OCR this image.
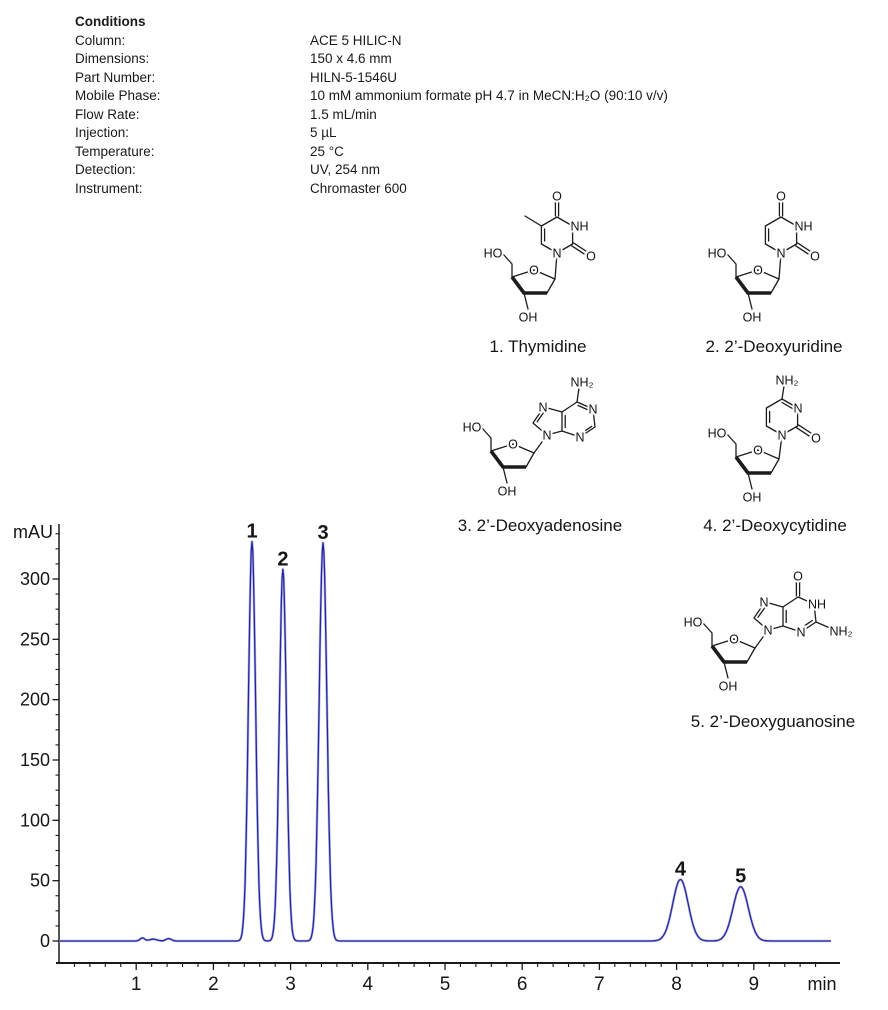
Conditions
Column:	ACE 5 HILIC-N
Dimensions:	150 x 4.6 mm
Part Number:	HILN-5-1546U
Mobile Phase:	10 mM ammonium formate pH 4.7 in MeCN:H₂O (90:10 v/v)
Flow Rate:	1.5 mL/min
Injection:	5 µL
Temperature:	25 °C
Detection:	UV, 254 nm
Instrument:	Chromaster 600
HO
O
OH
N
NH
O
O	HO
O
OH
N
NH
O
O
HO
O
OH
N
N	N
N
NH₂
HO
O
OH
N
N
O
NH₂
HO
O
OH
N
N	NH
N
O
NH₂
1. Thymidine	2. 2’-Deoxyuridine
3. 2’-Deoxyadenosine	4. 2’-Deoxycytidine
5. 2’-Deoxyguanosine
0
50
100
150
200
250
300
1	2	3	4	5	6	7	8	9
mAU
min
1
2
3
4 5
